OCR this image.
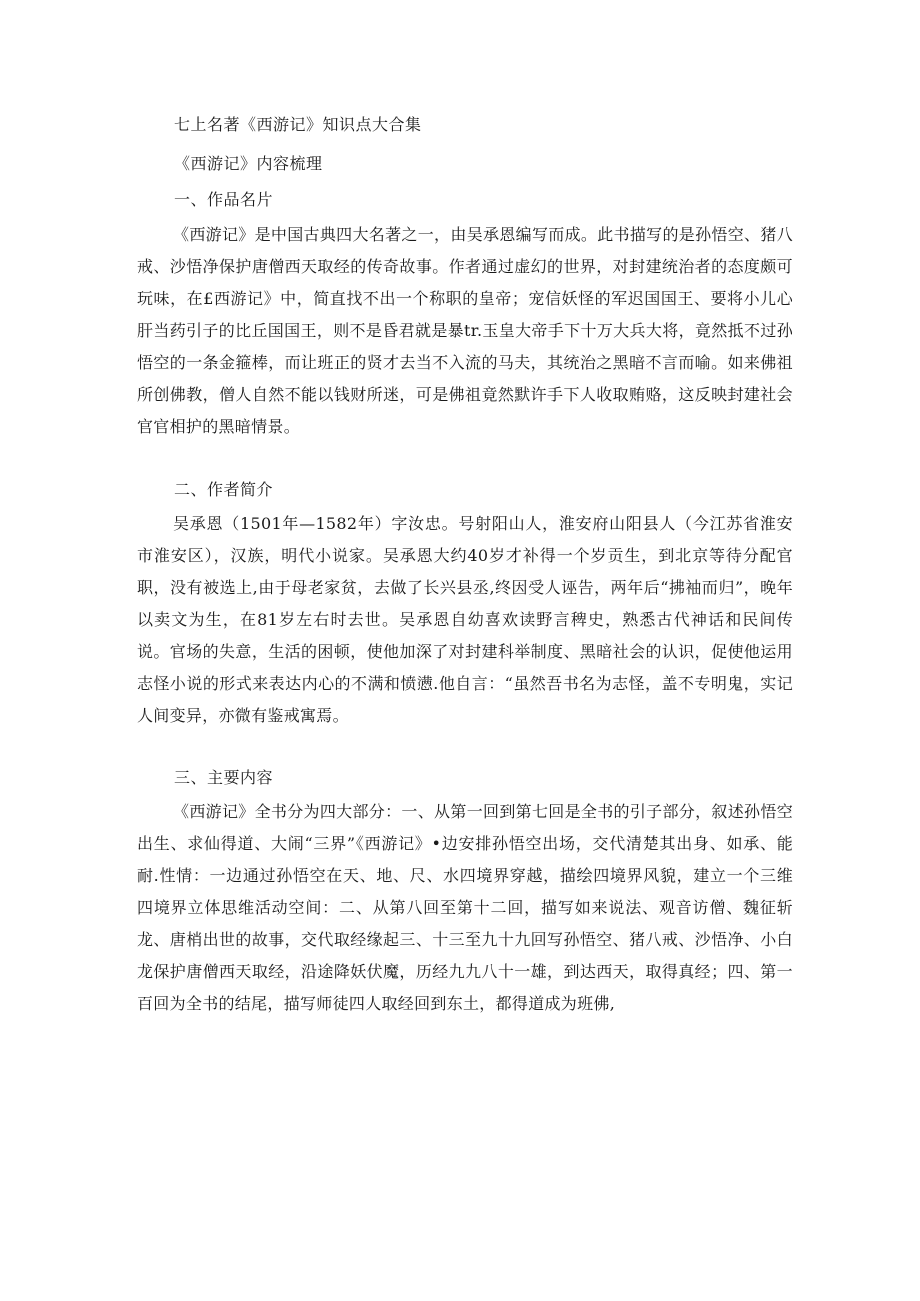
七上名著《西游记》知识点大合集
《西游记》内容梳理
一、作品名片
《西游记》是中国古典四大名著之一，由吴承恩编写而成。此书描写的是孙悟空、猪八戒、沙悟净保护唐僧西天取经的传奇故事。作者通过虚幻的世界，对封建统治者的态度颇可玩味，在£西游记》中，简直找不出一个称职的皇帝；宠信妖怪的军迟国国王、要将小儿心肝当药引子的比丘国国王，则不是昏君就是暴tr.玉皇大帝手下十万大兵大将，竟然抵不过孙悟空的一条金箍棒，而让班正的贤才去当不入流的马夫，其统治之黑暗不言而喻。如来佛祖所创佛教，僧人自然不能以钱财所迷，可是佛祖竟然默许手下人收取贿赂，这反映封建社会官官相护的黑暗情景。
二、作者简介
吴承恩（1501年—1582年）字汝忠。号射阳山人，淮安府山阳县人（今江苏省淮安市淮安区），汉族，明代小说家。吴承恩大约40岁才补得一个岁贡生，到北京等待分配官职，没有被选上,由于母老家贫，去做了长兴县丞,终因受人诬告，两年后“拂袖而归”，晚年以卖文为生，在81岁左右时去世。吴承恩自幼喜欢读野言稗史，熟悉古代神话和民间传说。官场的失意，生活的困顿，使他加深了对封建科举制度、黑暗社会的认识，促使他运用志怪小说的形式来表达内心的不满和愤懑.他自言：“虽然吾书名为志怪，盖不专明鬼，实记人间变异，亦微有鉴戒寓焉。
三、主要内容
《西游记》全书分为四大部分：一、从第一回到第七回是全书的引子部分，叙述孙悟空出生、求仙得道、大闹“三界”《西游记》•边安排孙悟空出场，交代清楚其出身、如承、能耐.性情：一边通过孙悟空在天、地、尺、水四境界穿越，描绘四境界风貌，建立一个三维四境界立体思维活动空间：二、从第八回至第十二回，描写如来说法、观音访僧、魏征斩龙、唐梢出世的故事，交代取经缘起三、十三至九十九回写孙悟空、猪八戒、沙悟净、小白龙保护唐僧西天取经，沿途降妖伏魔，历经九九八十一雄，到达西天，取得真经；四、第一百回为全书的结尾，描写师徒四人取经回到东土，都得道成为班佛,
